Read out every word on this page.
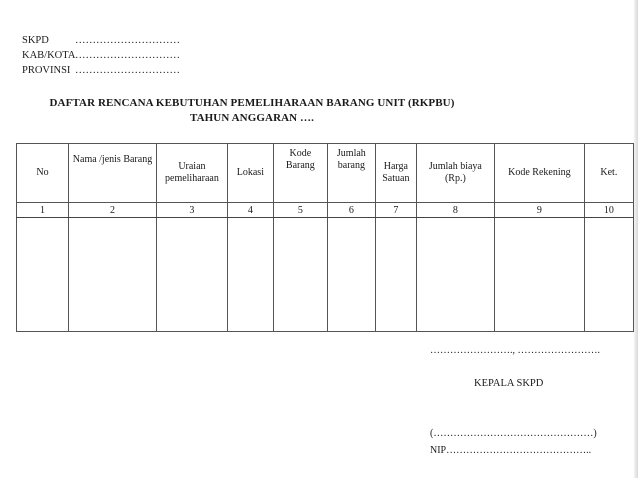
SKPD	…………………………
KAB/KOTA …………………………
PROVINSI …………………………
DAFTAR RENCANA KEBUTUHAN PEMELIHARAAN BARANG UNIT (RKPBU)
TAHUN ANGGARAN ….
No	Nama /jenis Barang	Uraian pemeliharaan	Lokasi	Kode Barang	Jumlah barang	Harga Satuan	Jumlah biaya (Rp.)	Kode Rekening	Ket.
1	2	3	4	5	6	7	8	9	10

……………………., …………………….
KEPALA SKPD
(…………………………………………)
NIP……………………………………..
